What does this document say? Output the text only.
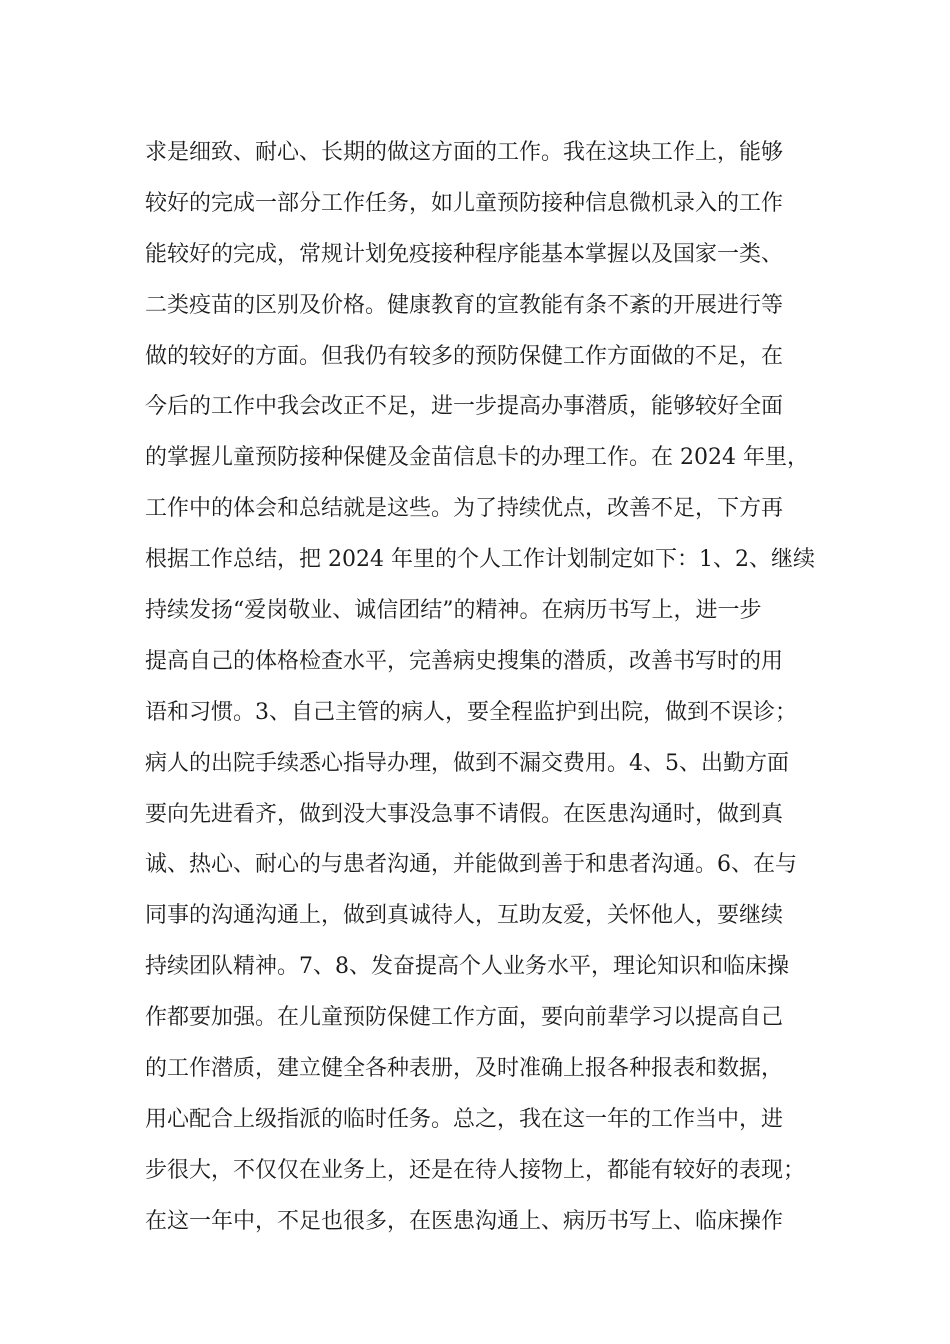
求是细致、耐心、长期的做这方面的工作。我在这块工作上，能够
较好的完成一部分工作任务，如儿童预防接种信息微机录入的工作
能较好的完成，常规计划免疫接种程序能基本掌握以及国家一类、
二类疫苗的区别及价格。健康教育的宣教能有条不紊的开展进行等
做的较好的方面。但我仍有较多的预防保健工作方面做的不足，在
今后的工作中我会改正不足，进一步提高办事潜质，能够较好全面
的掌握儿童预防接种保健及金苗信息卡的办理工作。在 2024 年里，
工作中的体会和总结就是这些。为了持续优点，改善不足，下方再
根据工作总结，把 2024 年里的个人工作计划制定如下：1、2、继续
持续发扬“爱岗敬业、诚信团结”的精神。在病历书写上，进一步
提高自己的体格检查水平，完善病史搜集的潜质，改善书写时的用
语和习惯。3、自己主管的病人，要全程监护到出院，做到不误诊；
病人的出院手续悉心指导办理，做到不漏交费用。4、5、出勤方面
要向先进看齐，做到没大事没急事不请假。在医患沟通时，做到真
诚、热心、耐心的与患者沟通，并能做到善于和患者沟通。6、在与
同事的沟通沟通上，做到真诚待人，互助友爱，关怀他人，要继续
持续团队精神。7、8、发奋提高个人业务水平，理论知识和临床操
作都要加强。在儿童预防保健工作方面，要向前辈学习以提高自己
的工作潜质，建立健全各种表册，及时准确上报各种报表和数据，
用心配合上级指派的临时任务。总之，我在这一年的工作当中，进
步很大，不仅仅在业务上，还是在待人接物上，都能有较好的表现；
在这一年中，不足也很多，在医患沟通上、病历书写上、临床操作
